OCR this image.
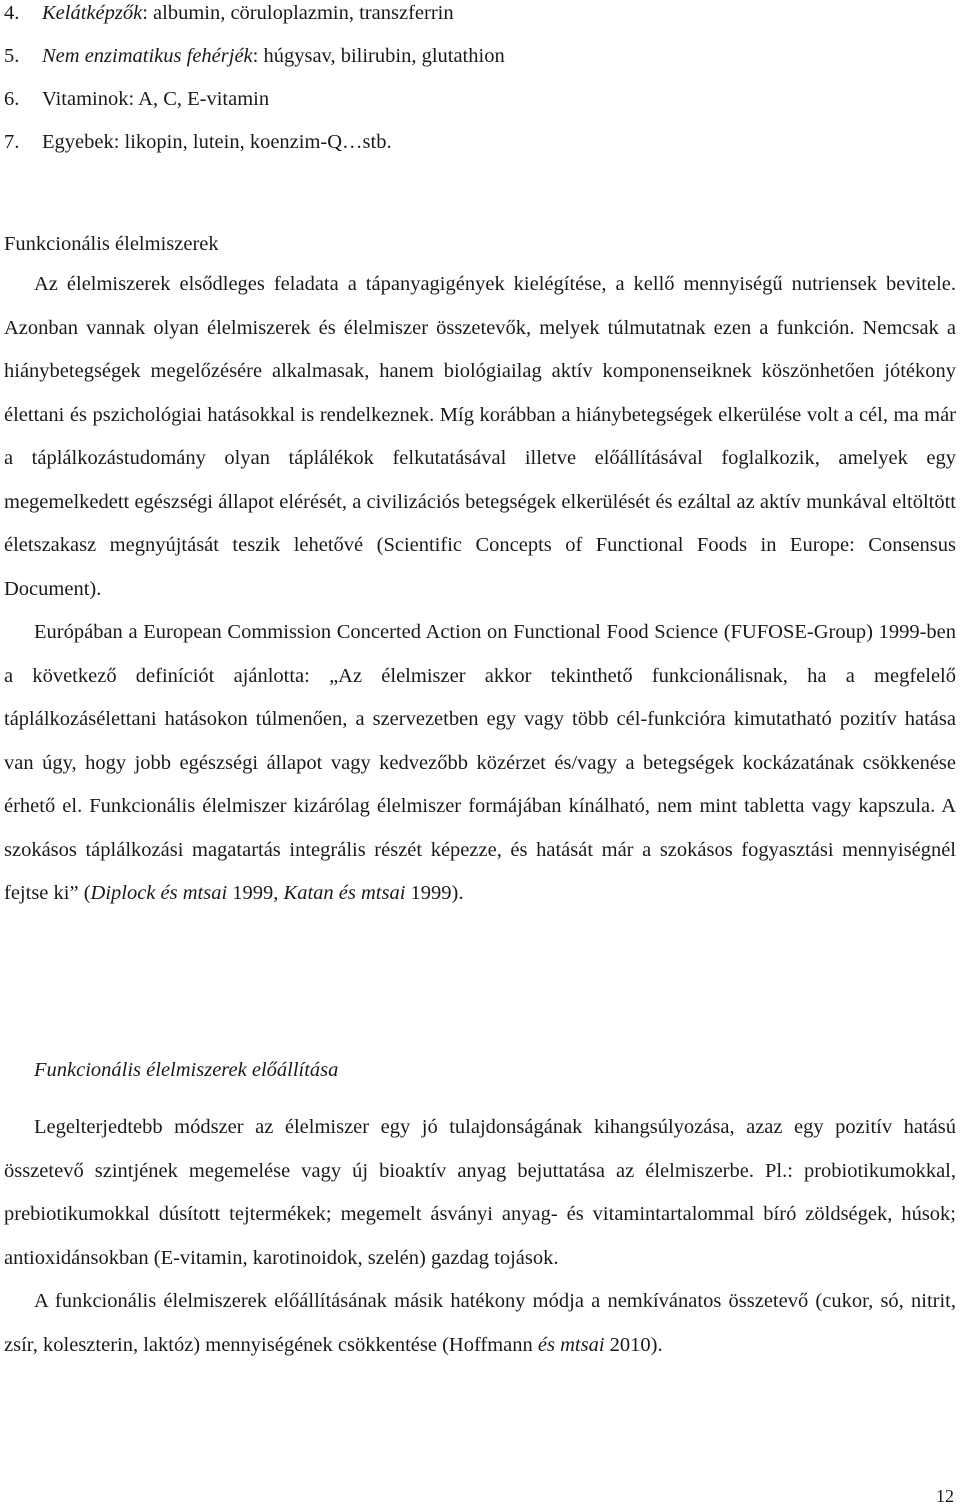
4. Kelátképzők: albumin, cöruloplazmin, transzferrin
5. Nem enzimatikus fehérjék: húgysav, bilirubin, glutathion
6. Vitaminok: A, C, E-vitamin
7. Egyebek: likopin, lutein, koenzim-Q…stb.
Funkcionális élelmiszerek

Az élelmiszerek elsődleges feladata a tápanyagigények kielégítése, a kellő mennyiségű nutriensek bevitele. Azonban vannak olyan élelmiszerek és élelmiszer összetevők, melyek túlmutatnak ezen a funkción. Nemcsak a hiánybetegségek megelőzésére alkalmasak, hanem biológiailag aktív komponenseiknek köszönhetően jótékony élettani és pszichológiai hatásokkal is rendelkeznek. Míg korábban a hiánybetegségek elkerülése volt a cél, ma már a táplálkozástudomány olyan táplálékok felkutatásával illetve előállításával foglalkozik, amelyek egy megemelkedett egészségi állapot elérését, a civilizációs betegségek elkerülését és ezáltal az aktív munkával eltöltött életszakasz megnyújtását teszik lehetővé (Scientific Concepts of Functional Foods in Europe: Consensus Document).

Európában a European Commission Concerted Action on Functional Food Science (FUFOSE-Group) 1999-ben a következő definíciót ajánlotta: „Az élelmiszer akkor tekinthető funkcionálisnak, ha a megfelelő táplálkozásélettani hatásokon túlmenően, a szervezetben egy vagy több cél-funkcióra kimutatható pozitív hatása van úgy, hogy jobb egészségi állapot vagy kedvezőbb közérzet és/vagy a betegségek kockázatának csökkenése érhető el. Funkcionális élelmiszer kizárólag élelmiszer formájában kínálható, nem mint tabletta vagy kapszula. A szokásos táplálkozási magatartás integrális részét képezze, és hatását már a szokásos fogyasztási mennyiségnél fejtse ki” (Diplock és mtsai 1999, Katan és mtsai 1999).

Funkcionális élelmiszerek előállítása

Legelterjedtebb módszer az élelmiszer egy jó tulajdonságának kihangsúlyozása, azaz egy pozitív hatású összetevő szintjének megemelése vagy új bioaktív anyag bejuttatása az élelmiszerbe. Pl.: probiotikumokkal, prebiotikumokkal dúsított tejtermékek; megemelt ásványi anyag- és vitamintartalommal bíró zöldségek, húsok; antioxidánsokban (E-vitamin, karotinoidok, szelén) gazdag tojások.

A funkcionális élelmiszerek előállításának másik hatékony módja a nemkívánatos összetevő (cukor, só, nitrit, zsír, koleszterin, laktóz) mennyiségének csökkentése (Hoffmann és mtsai 2010).

12
